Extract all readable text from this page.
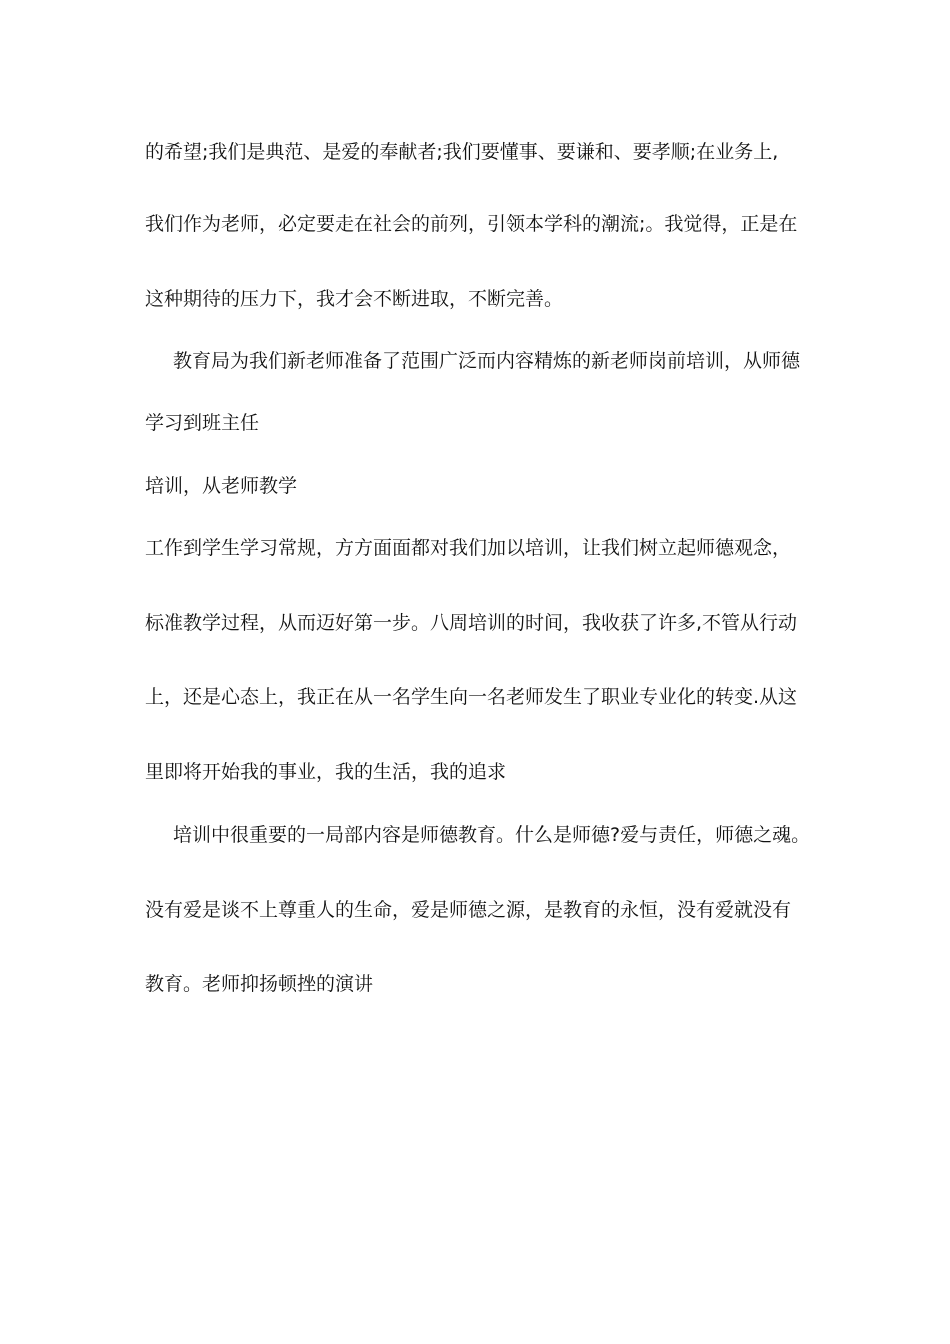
的希望;我们是典范、是爱的奉献者;我们要懂事、要谦和、要孝顺;在业务上,
我们作为老师，必定要走在社会的前列，引领本学科的潮流;。我觉得，正是在
这种期待的压力下，我才会不断进取，不断完善。
教育局为我们新老师准备了范围广泛而内容精炼的新老师岗前培训，从师德
学习到班主任
培训，从老师教学
工作到学生学习常规，方方面面都对我们加以培训，让我们树立起师德观念，
标准教学过程，从而迈好第一步。八周培训的时间，我收获了许多,不管从行动
上，还是心态上，我正在从一名学生向一名老师发生了职业专业化的转变.从这
里即将开始我的事业，我的生活，我的追求
培训中很重要的一局部内容是师德教育。什么是师德?爱与责任，师德之魂。
没有爱是谈不上尊重人的生命，爱是师德之源，是教育的永恒，没有爱就没有
教育。老师抑扬顿挫的演讲
